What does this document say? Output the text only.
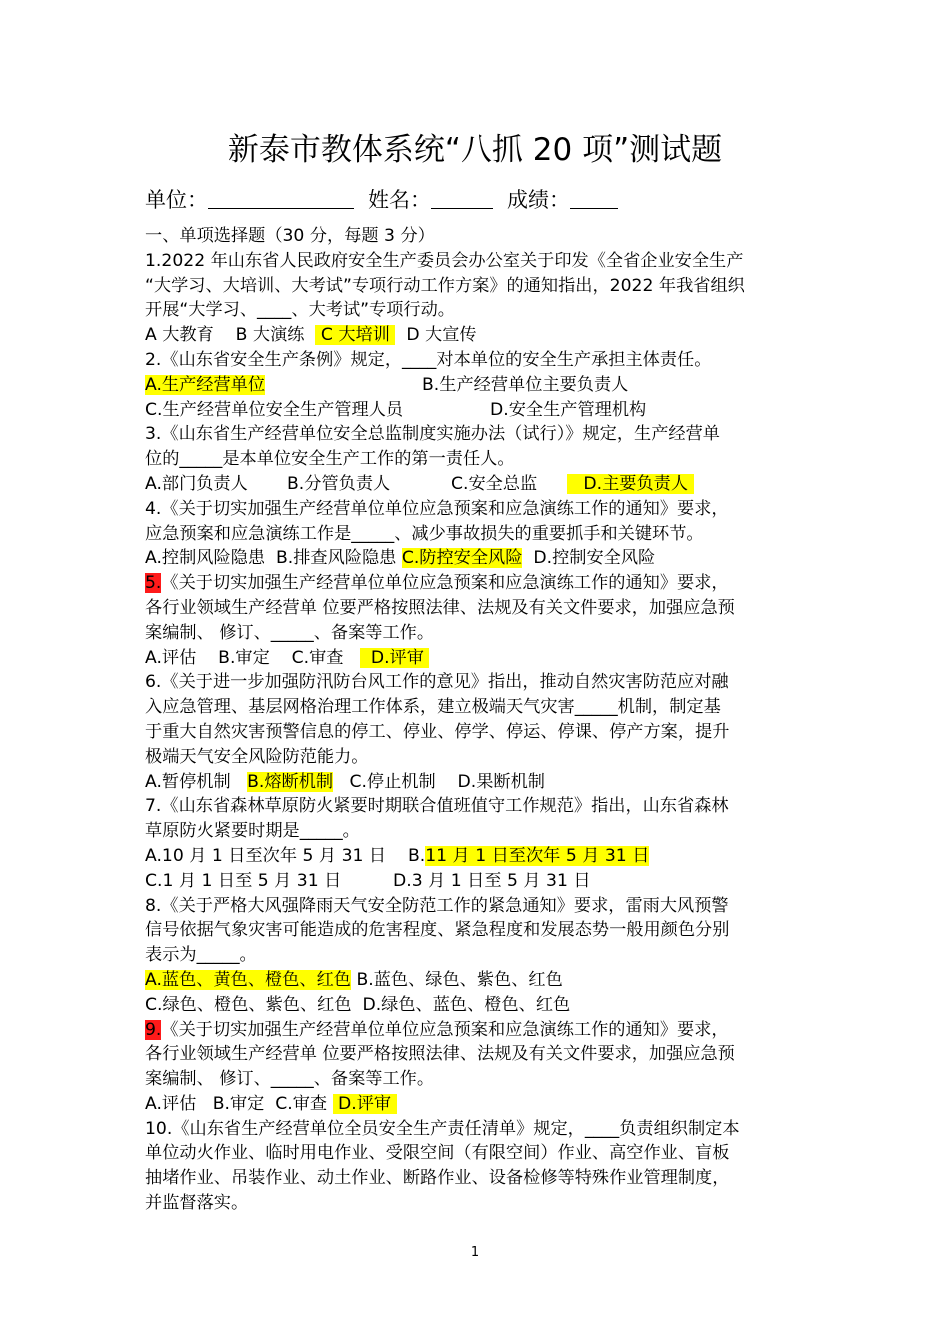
新泰市教体系统“八抓 20 项”测试题
单位：	姓名：	成绩：
一、单项选择题（30 分，每题 3 分）
1.2022 年山东省人民政府安全生产委员会办公室关于印发《全省企业安全生产
“大学习、大培训、大考试”专项行动工作方案》的通知指出，2022 年我省组织
开展“大学习、____、大考试”专项行动。
A 大教育 B 大演练 C 大培训 D 大宣传
2.《山东省安全生产条例》规定，____对本单位的安全生产承担主体责任。
A.生产经营单位	B.生产经营单位主要负责人
C.生产经营单位安全生产管理人员	D.安全生产管理机构
3.《山东省生产经营单位安全总监制度实施办法（试行）》规定，生产经营单
位的_____是本单位安全生产工作的第一责任人。
A.部门负责人 B.分管负责人	C.安全总监	D.主要负责人
4.《关于切实加强生产经营单位单位应急预案和应急演练工作的通知》要求，
应急预案和应急演练工作是_____、减少事故损失的重要抓手和关键环节。
A.控制风险隐患 B.排查风险隐患 C.防控安全风险 D.控制安全风险
5.《关于切实加强生产经营单位单位应急预案和应急演练工作的通知》要求，
各行业领域生产经营单 位要严格按照法律、法规及有关文件要求，加强应急预
案编制、 修订、_____、备案等工作。
A.评估 B.审定 C.审查 D.评审
6.《关于进一步加强防汛防台风工作的意见》指出，推动自然灾害防范应对融
入应急管理、基层网格治理工作体系，建立极端天气灾害_____机制，制定基
于重大自然灾害预警信息的停工、停业、停学、停运、停课、停产方案，提升
极端天气安全风险防范能力。
A.暂停机制 B.熔断机制 C.停止机制 D.果断机制
7.《山东省森林草原防火紧要时期联合值班值守工作规范》指出，山东省森林
草原防火紧要时期是_____。
A.10 月 1 日至次年 5 月 31 日 B.11 月 1 日至次年 5 月 31 日
C.1 月 1 日至 5 月 31 日	D.3 月 1 日至 5 月 31 日
8.《关于严格大风强降雨天气安全防范工作的紧急通知》要求，雷雨大风预警
信号依据气象灾害可能造成的危害程度、紧急程度和发展态势一般用颜色分别
表示为_____。
A.蓝色、黄色、橙色、红色 B.蓝色、绿色、紫色、红色
C.绿色、橙色、紫色、红色 D.绿色、蓝色、橙色、红色
9.《关于切实加强生产经营单位单位应急预案和应急演练工作的通知》要求，
各行业领域生产经营单 位要严格按照法律、法规及有关文件要求，加强应急预
案编制、 修订、_____、备案等工作。
A.评估 B.审定 C.审查 D.评审
10.《山东省生产经营单位全员安全生产责任清单》规定，____负责组织制定本
单位动火作业、临时用电作业、受限空间（有限空间）作业、高空作业、盲板
抽堵作业、吊装作业、动土作业、断路作业、设备检修等特殊作业管理制度，
并监督落实。
1
